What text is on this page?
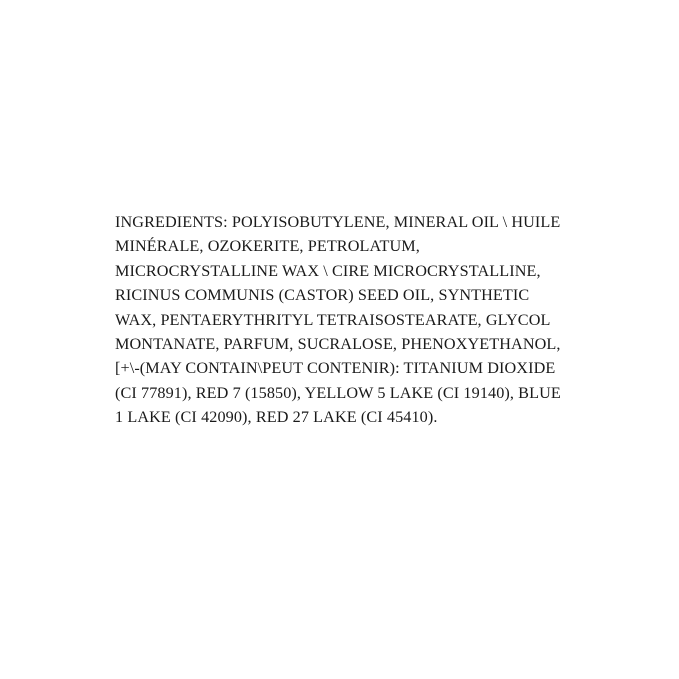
INGREDIENTS: POLYISOBUTYLENE, MINERAL OIL \ HUILE MINÉRALE, OZOKERITE, PETROLATUM, MICROCRYSTALLINE WAX \ CIRE MICROCRYSTALLINE, RICINUS COMMUNIS (CASTOR) SEED OIL, SYNTHETIC WAX, PENTAERYTHRITYL TETRAISOSTEARATE, GLYCOL MONTANATE, PARFUM, SUCRALOSE, PHENOXYETHANOL, [+\-(MAY CONTAIN\PEUT CONTENIR): TITANIUM DIOXIDE (CI 77891), RED 7 (15850), YELLOW 5 LAKE (CI 19140), BLUE 1 LAKE (CI 42090), RED 27 LAKE (CI 45410).
